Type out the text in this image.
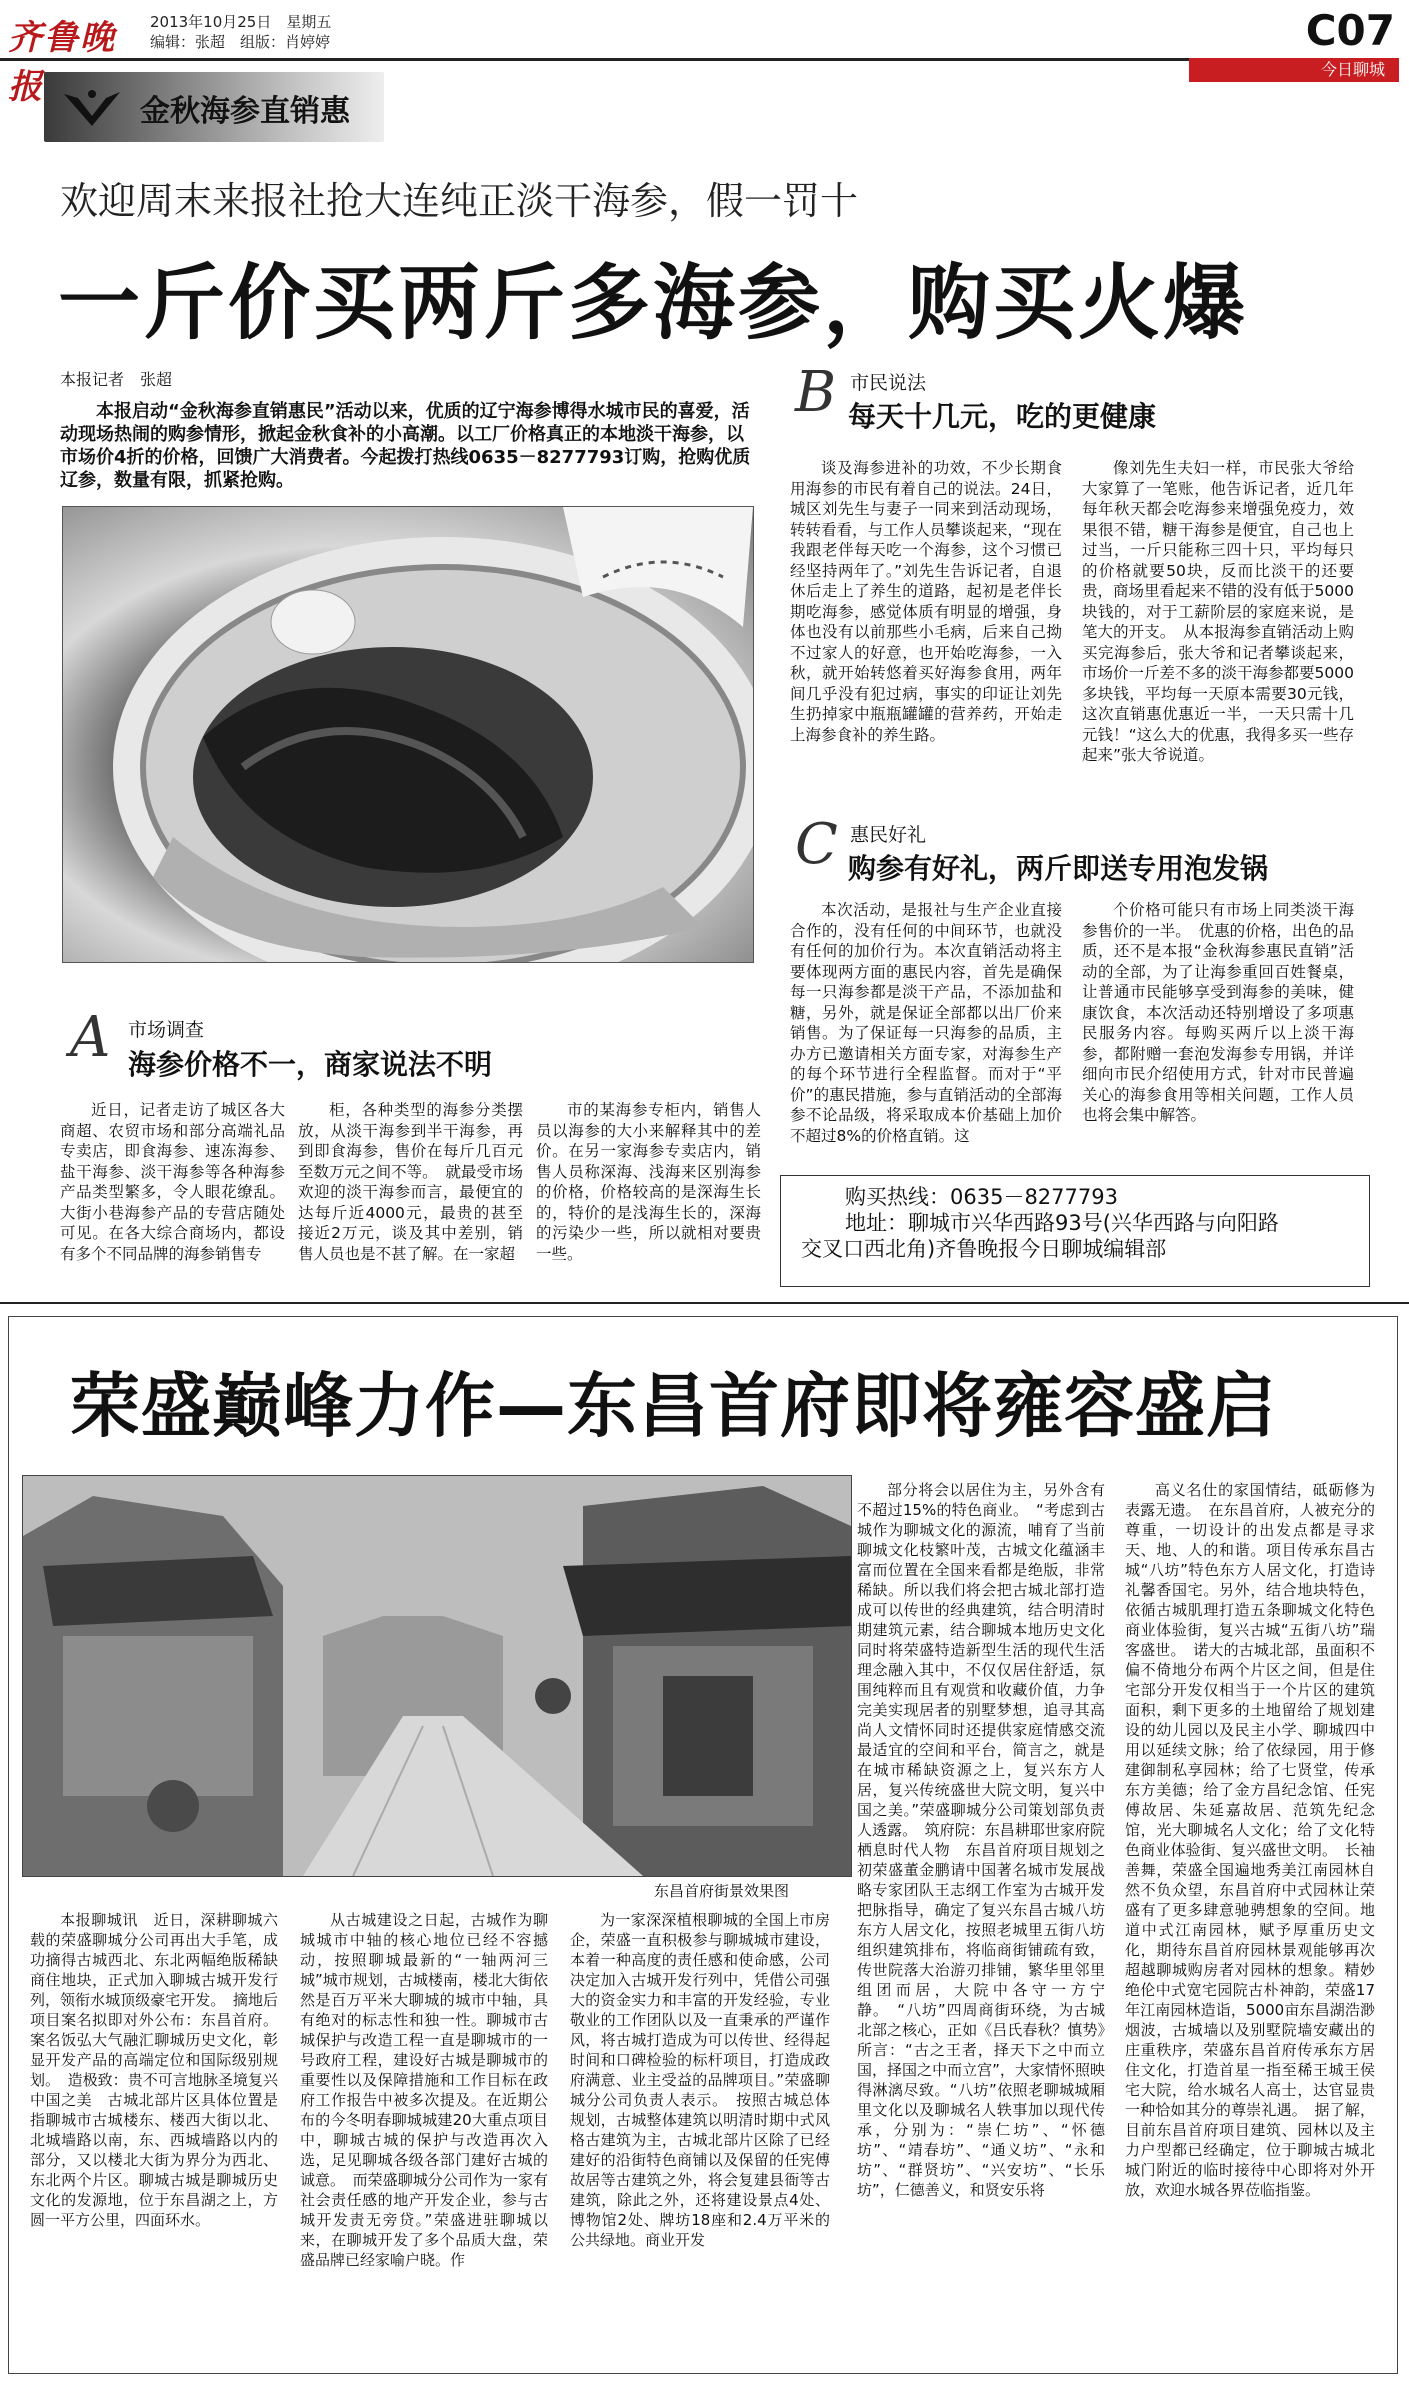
齐鲁晚报
2013年10月25日　星期五
编辑：张超　组版：肖婷婷	C07
今日聊城
金秋海参直销惠
欢迎周末来报社抢大连纯正淡干海参，假一罚十
一斤价买两斤多海参，购买火爆
本报记者　张超
本报启动“金秋海参直销惠民”活动以来，优质的辽宁海参博得水城市民的喜爱，活动现场热闹的购参情形，掀起金秋食补的小高潮。以工厂价格真正的本地淡干海参，以市场价4折的价格，回馈广大消费者。今起拨打热线0635－8277793订购，抢购优质辽参，数量有限，抓紧抢购。
B 市民说法
每天十几元，吃的更健康
谈及海参进补的功效，不少长期食用海参的市民有着自己的说法。24日，城区刘先生与妻子一同来到活动现场，转转看看，与工作人员攀谈起来，“现在我跟老伴每天吃一个海参，这个习惯已经坚持两年了。”刘先生告诉记者，自退休后走上了养生的道路，起初是老伴长期吃海参，感觉体质有明显的增强，身体也没有以前那些小毛病，后来自己拗不过家人的好意，也开始吃海参，一入秋，就开始转悠着买好海参食用，两年间几乎没有犯过病，事实的印证让刘先生扔掉家中瓶瓶罐罐的营养药，开始走上海参食补的养生路。
像刘先生夫妇一样，市民张大爷给大家算了一笔账，他告诉记者，近几年每年秋天都会吃海参来增强免疫力，效果很不错，糖干海参是便宜，自己也上过当，一斤只能称三四十只，平均每只的价格就要50块，反而比淡干的还要贵，商场里看起来不错的没有低于5000块钱的，对于工薪阶层的家庭来说，是笔大的开支。　从本报海参直销活动上购买完海参后，张大爷和记者攀谈起来，市场价一斤差不多的淡干海参都要5000多块钱，平均每一天原本需要30元钱，这次直销惠优惠近一半，一天只需十几元钱！“这么大的优惠，我得多买一些存起来”张大爷说道。
C 惠民好礼
购参有好礼，两斤即送专用泡发锅
本次活动，是报社与生产企业直接合作的，没有任何的中间环节，也就没有任何的加价行为。本次直销活动将主要体现两方面的惠民内容，首先是确保每一只海参都是淡干产品，不添加盐和糖，另外，就是保证全部都以出厂价来销售。为了保证每一只海参的品质，主办方已邀请相关方面专家，对海参生产的每个环节进行全程监督。而对于“平价”的惠民措施，参与直销活动的全部海参不论品级，将采取成本价基础上加价不超过8%的价格直销。这
个价格可能只有市场上同类淡干海参售价的一半。　优惠的价格，出色的品质，还不是本报“金秋海参惠民直销”活动的全部，为了让海参重回百姓餐桌，让普通市民能够享受到海参的美味，健康饮食，本次活动还特别增设了多项惠民服务内容。每购买两斤以上淡干海参，都附赠一套泡发海参专用锅，并详细向市民介绍使用方式，针对市民普遍关心的海参食用等相关问题，工作人员也将会集中解答。
A 市场调查
海参价格不一，商家说法不明
近日，记者走访了城区各大商超、农贸市场和部分高端礼品专卖店，即食海参、速冻海参、盐干海参、淡干海参等各种海参产品类型繁多，令人眼花缭乱。大街小巷海参产品的专营店随处可见。在各大综合商场内，都设有多个不同品牌的海参销售专
柜，各种类型的海参分类摆放，从淡干海参到半干海参，再到即食海参，售价在每斤几百元至数万元之间不等。　就最受市场欢迎的淡干海参而言，最便宜的达每斤近4000元，最贵的甚至接近2万元，谈及其中差别，销售人员也是不甚了解。在一家超
市的某海参专柜内，销售人员以海参的大小来解释其中的差价。在另一家海参专卖店内，销售人员称深海、浅海来区别海参的价格，价格较高的是深海生长的，特价的是浅海生长的，深海的污染少一些，所以就相对要贵一些。
购买热线：0635－8277793
地址：聊城市兴华西路93号(兴华西路与向阳路
交叉口西北角)齐鲁晚报今日聊城编辑部
荣盛巅峰力作—东昌首府即将雍容盛启
东昌首府街景效果图
部分将会以居住为主，另外含有不超过15%的特色商业。　“考虑到古城作为聊城文化的源流，哺育了当前聊城文化枝繁叶茂，古城文化蕴涵丰富而位置在全国来看都是绝版，非常稀缺。所以我们将会把古城北部打造成可以传世的经典建筑，结合明清时期建筑元素，结合聊城本地历史文化同时将荣盛特造新型生活的现代生活理念融入其中，不仅仅居住舒适，氛围纯粹而且有观赏和收藏价值，力争完美实现居者的别墅梦想，追寻其高尚人文情怀同时还提供家庭情感交流最适宜的空间和平台，简言之，就是在城市稀缺资源之上，复兴东方人居，复兴传统盛世大院文明，复兴中国之美。”荣盛聊城分公司策划部负责人透露。　筑府院：东昌耕耶世家府院栖息时代人物　东昌首府项目规划之初荣盛董金鹏请中国著名城市发展战略专家团队王志纲工作室为古城开发把脉指导，确定了复兴东昌古城八坊东方人居文化，按照老城里五街八坊组织建筑排布，将临商街铺疏有致，传世院落大治游刃排铺，繁华里邻里组团而居，大院中各守一方宁静。　“八坊”四周商街环绕，为古城北部之核心，正如《吕氏春秋？慎势》所言：“古之王者，择天下之中而立国，择国之中而立宫”，大家情怀照映得淋漓尽致。“八坊”依照老聊城城厢里文化以及聊城名人轶事加以现代传承，分别为：“崇仁坊”、“怀德坊”、“靖春坊”、“通义坊”、“永和坊”、“群贤坊”、“兴安坊”、“长乐坊”，仁德善义，和贤安乐将
高义名仕的家国情结，砥砺修为表露无遗。　在东昌首府，人被充分的尊重，一切设计的出发点都是寻求天、地、人的和谐。项目传承东昌古城“八坊”特色东方人居文化，打造诗礼馨香国宅。另外，结合地块特色，依循古城肌理打造五条聊城文化特色商业体验街，复兴古城“五街八坊”瑞客盛世。　诺大的古城北部，虽面积不偏不倚地分布两个片区之间，但是住宅部分开发仅相当于一个片区的建筑面积，剩下更多的土地留给了规划建设的幼儿园以及民主小学、聊城四中用以延续文脉；给了依绿园，用于修建御制私享园林；给了七贤堂，传承东方美德；给了金方昌纪念馆、任宪傅故居、朱延嘉故居、范筑先纪念馆，光大聊城名人文化；给了文化特色商业体验街、复兴盛世文明。　长袖善舞，荣盛全国遍地秀美江南园林自然不负众望，东昌首府中式园林让荣盛有了更多肆意驰骋想象的空间。地道中式江南园林，赋予厚重历史文化，期待东昌首府园林景观能够再次超越聊城购房者对园林的想象。精妙绝伦中式宽宅园院古朴神韵，荣盛17年江南园林造诣，5000亩东昌湖浩渺烟波，古城墙以及别墅院墙安藏出的庄重秩序，荣盛东昌首府传承东方居住文化，打造首星一指至稀王城王侯宅大院，给水城名人高士，达官显贵一种恰如其分的尊崇礼遇。　据了解，目前东昌首府项目建筑、园林以及主力户型都已经确定，位于聊城古城北城门附近的临时接待中心即将对外开放，欢迎水城各界莅临指鉴。
本报聊城讯　近日，深耕聊城六载的荣盛聊城分公司再出大手笔，成功摘得古城西北、东北两幅绝版稀缺商住地块，正式加入聊城古城开发行列，领衔水城顶级豪宅开发。　摘地后项目案名拟即对外公布：东昌首府。案名饭弘大气融汇聊城历史文化，彰显开发产品的高端定位和国际级别规划。　造极致：贵不可言地脉圣境复兴中国之美　古城北部片区具体位置是指聊城市古城楼东、楼西大街以北、北城墙路以南，东、西城墙路以内的部分，又以楼北大街为界分为西北、东北两个片区。聊城古城是聊城历史文化的发源地，位于东昌湖之上，方圆一平方公里，四面环水。
从古城建设之日起，古城作为聊城城市中轴的核心地位已经不容撼动，按照聊城最新的“一轴两河三城”城市规划，古城楼南，楼北大街依然是百万平米大聊城的城市中轴，具有绝对的标志性和独一性。聊城市古城保护与改造工程一直是聊城市的一号政府工程，建设好古城是聊城市的重要性以及保障措施和工作目标在政府工作报告中被多次提及。在近期公布的今冬明春聊城城建20大重点项目中，聊城古城的保护与改造再次入选，足见聊城各级各部门建好古城的诚意。　而荣盛聊城分公司作为一家有社会责任感的地产开发企业，参与古城开发责无旁贷。”荣盛进驻聊城以来，在聊城开发了多个品质大盘，荣盛品牌已经家喻户晓。作
为一家深深植根聊城的全国上市房企，荣盛一直积极参与聊城城市建设，本着一种高度的责任感和使命感，公司决定加入古城开发行列中，凭借公司强大的资金实力和丰富的开发经验，专业敬业的工作团队以及一直秉承的严谨作风，将古城打造成为可以传世、经得起时间和口碑检验的标杆项目，打造成政府满意、业主受益的品牌项目。”荣盛聊城分公司负责人表示。　按照古城总体规划，古城整体建筑以明清时期中式风格古建筑为主，古城北部片区除了已经建好的沿街特色商铺以及保留的任宪傅故居等古建筑之外，将会复建县衙等古建筑，除此之外，还将建设景点4处、博物馆2处、牌坊18座和2.4万平米的公共绿地。商业开发
